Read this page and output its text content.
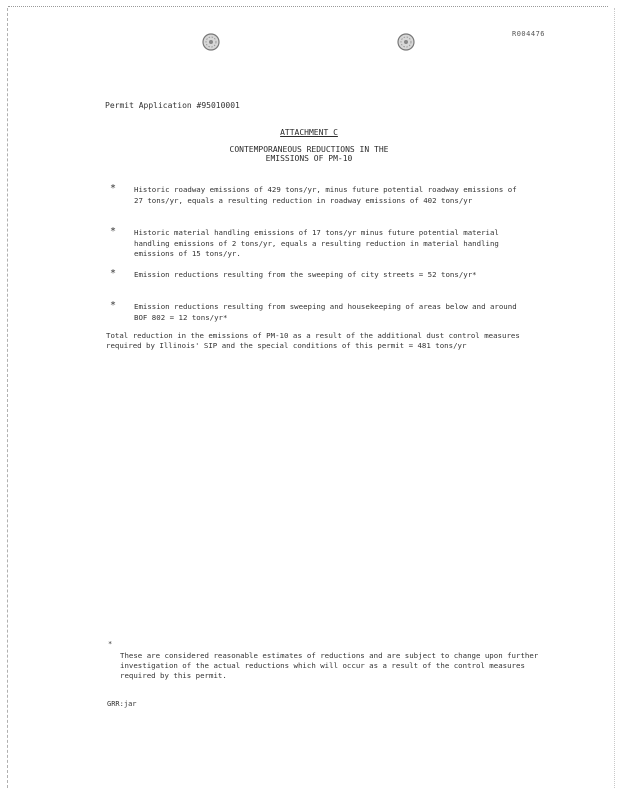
R004476
Permit Application #95010001
ATTACHMENT C
CONTEMPORANEOUS REDUCTIONS IN THE
EMISSIONS OF PM-10
* Historic roadway emissions of 429 tons/yr, minus future potential roadway emissions of 27 tons/yr, equals a resulting reduction in roadway emissions of 402 tons/yr
* Historic material handling emissions of 17 tons/yr minus future potential material handling emissions of 2 tons/yr, equals a resulting reduction in material handling emissions of 15 tons/yr.
* Emission reductions resulting from the sweeping of city streets = 52 tons/yr*
* Emission reductions resulting from sweeping and housekeeping of areas below and around BOF 802 = 12 tons/yr*
Total reduction in the emissions of PM-10 as a result of the additional dust control measures required by Illinois' SIP and the special conditions of this permit = 481 tons/yr
*
These are considered reasonable estimates of reductions and are subject to change upon further investigation of the actual reductions which will occur as a result of the control measures required by this permit.
GRR:jar
